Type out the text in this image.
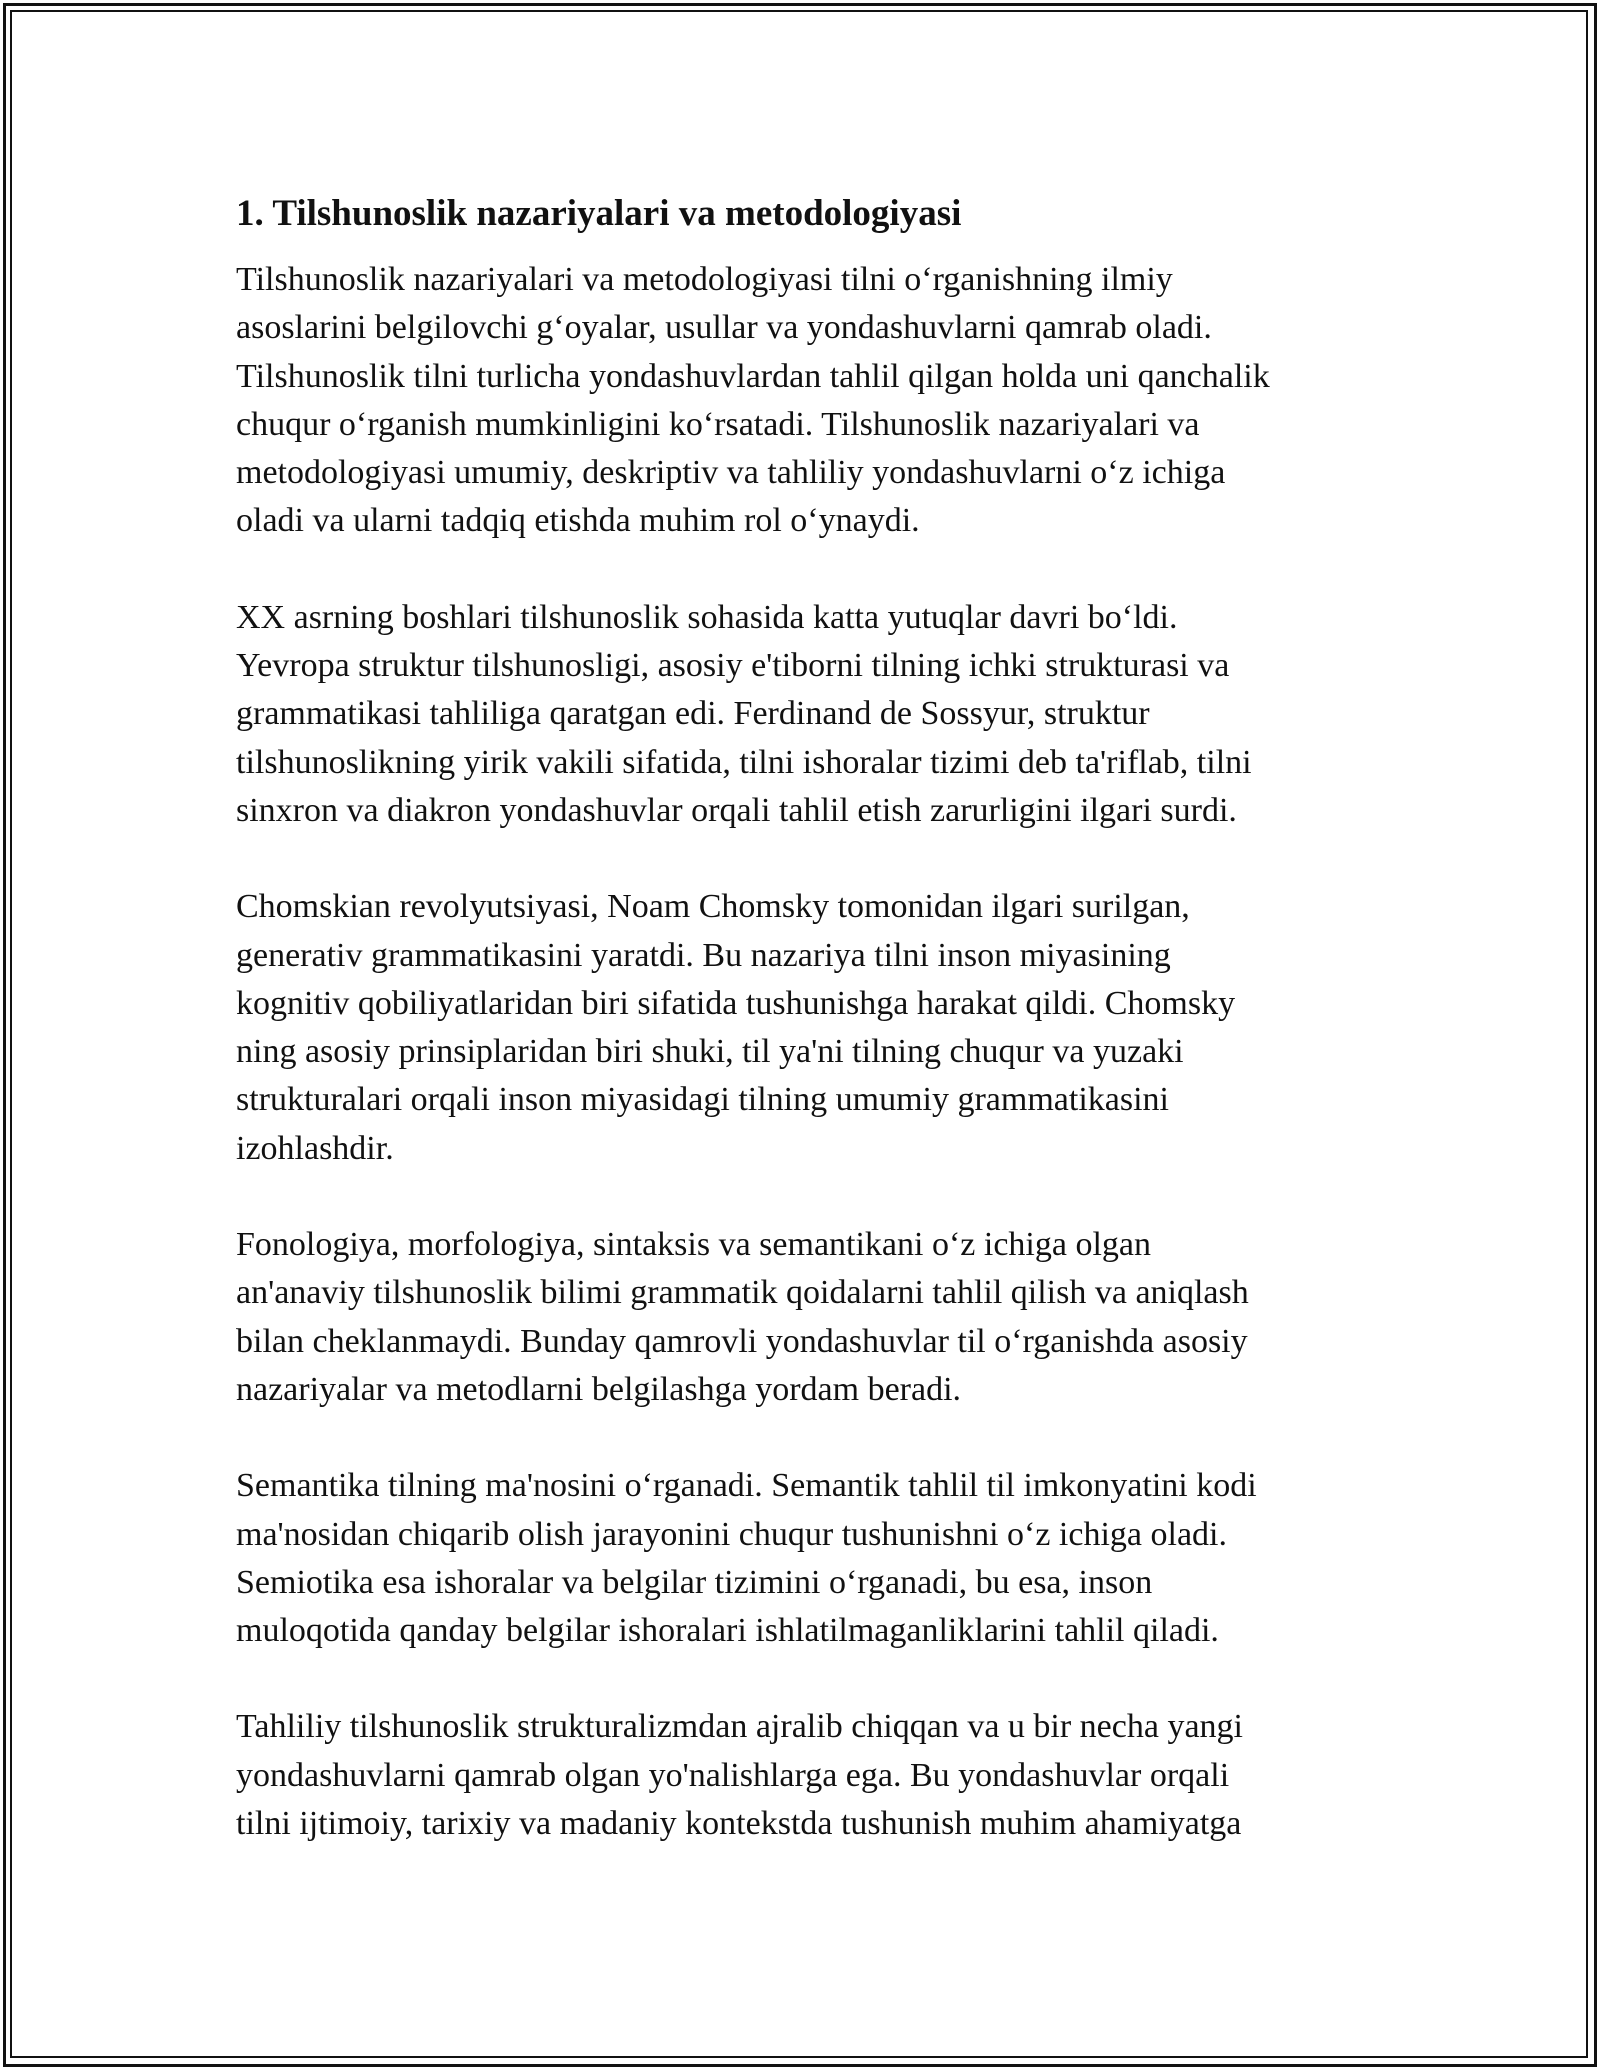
1. Tilshunoslik nazariyalari va metodologiyasi
Tilshunoslik nazariyalari va metodologiyasi tilni o‘rganishning ilmiy
asoslarini belgilovchi g‘oyalar, usullar va yondashuvlarni qamrab oladi.
Tilshunoslik tilni turlicha yondashuvlardan tahlil qilgan holda uni qanchalik
chuqur o‘rganish mumkinligini ko‘rsatadi. Tilshunoslik nazariyalari va
metodologiyasi umumiy, deskriptiv va tahliliy yondashuvlarni o‘z ichiga
oladi va ularni tadqiq etishda muhim rol o‘ynaydi.
XX asrning boshlari tilshunoslik sohasida katta yutuqlar davri bo‘ldi.
Yevropa struktur tilshunosligi, asosiy e'tiborni tilning ichki strukturasi va
grammatikasi tahliliga qaratgan edi. Ferdinand de Sossyur, struktur
tilshunoslikning yirik vakili sifatida, tilni ishoralar tizimi deb ta'riflab, tilni
sinxron va diakron yondashuvlar orqali tahlil etish zarurligini ilgari surdi.
Chomskian revolyutsiyasi, Noam Chomsky tomonidan ilgari surilgan,
generativ grammatikasini yaratdi. Bu nazariya tilni inson miyasining
kognitiv qobiliyatlaridan biri sifatida tushunishga harakat qildi. Chomsky
ning asosiy prinsiplaridan biri shuki, til ya'ni tilning chuqur va yuzaki
strukturalari orqali inson miyasidagi tilning umumiy grammatikasini
izohlashdir.
Fonologiya, morfologiya, sintaksis va semantikani o‘z ichiga olgan
an'anaviy tilshunoslik bilimi grammatik qoidalarni tahlil qilish va aniqlash
bilan cheklanmaydi. Bunday qamrovli yondashuvlar til o‘rganishda asosiy
nazariyalar va metodlarni belgilashga yordam beradi.
Semantika tilning ma'nosini o‘rganadi. Semantik tahlil til imkonyatini kodi
ma'nosidan chiqarib olish jarayonini chuqur tushunishni o‘z ichiga oladi.
Semiotika esa ishoralar va belgilar tizimini o‘rganadi, bu esa, inson
muloqotida qanday belgilar ishoralari ishlatilmaganliklarini tahlil qiladi.
Tahliliy tilshunoslik strukturalizmdan ajralib chiqqan va u bir necha yangi
yondashuvlarni qamrab olgan yo'nalishlarga ega. Bu yondashuvlar orqali
tilni ijtimoiy, tarixiy va madaniy kontekstda tushunish muhim ahamiyatga
